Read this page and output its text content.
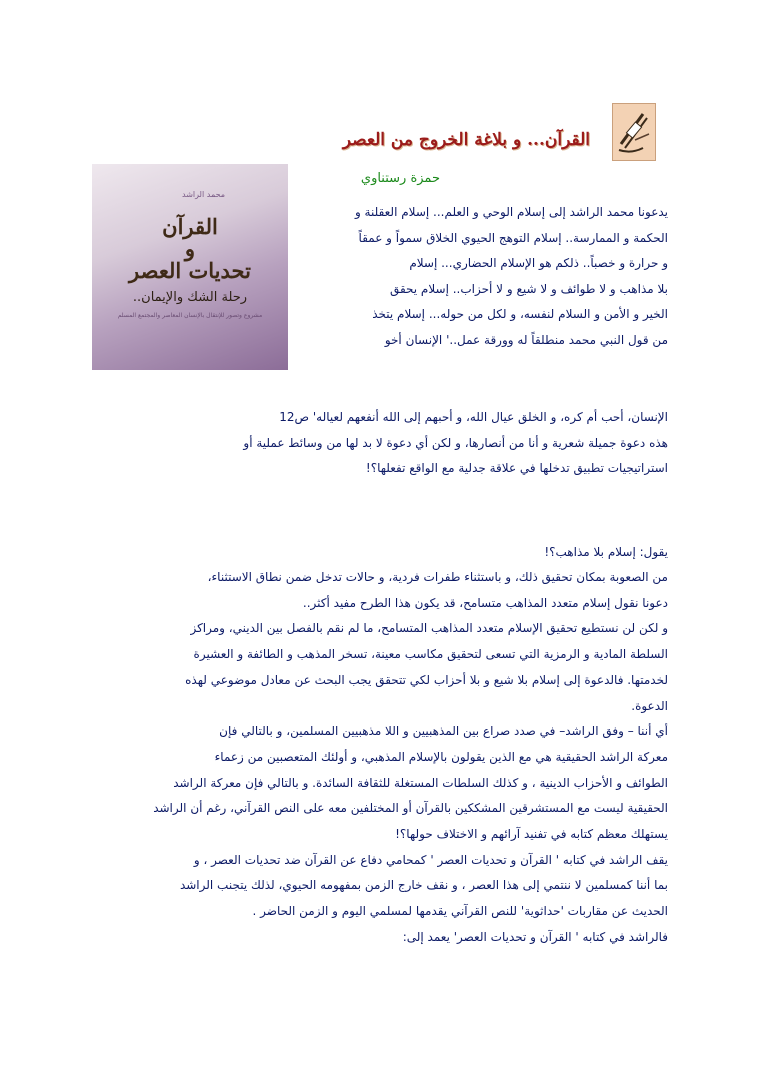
القرآن... و بلاغة الخروج من العصر
حمزة رستناوي
محمد الراشد
القرآن
و
تحديات العصر
رحلة الشك والإيمان..
مشروع وتصور للإنتقال بالإنسان المعاصر والمجتمع المسلم
يدعونا محمد الراشد إلى إسلام الوحي و العلم... إسلام العقلنة و
الحكمة و الممارسة.. إسلام التوهج الحيوي الخلاق سمواً و عمقاً
و حرارة و خصباً.. ذلكم هو الإسلام الحضاري... إسلام
بلا مذاهب و لا طوائف و لا شيع و لا أحزاب.. إسلام يحقق
الخير و الأمن و السلام لنفسه، و لكل من حوله... إسلام يتخذ
من قول النبي محمد منطلقاً له وورقة عمل..' الإنسان أخو
الإنسان، أحب أم كره، و الخلق عيال الله، و أحبهم إلى الله أنفعهم لعياله' ص12
هذه دعوة جميلة شعرية و أنا من أنصارها، و لكن أي دعوة لا بد لها من وسائط عملية أو
استراتيجيات تطبيق تدخلها في علاقة جدلية مع الواقع تفعلها؟!
يقول: إسلام بلا مذاهب؟!
من الصعوبة بمكان تحقيق ذلك، و باستثناء طفرات فردية، و حالات تدخل ضمن نطاق الاستثناء،
دعونا نقول إسلام متعدد المذاهب متسامح، قد يكون هذا الطرح مفيد أكثر..
و لكن لن نستطيع تحقيق الإسلام متعدد المذاهب المتسامح، ما لم نقم بالفصل بين الديني، ومراكز
السلطة المادية و الرمزية التي تسعى لتحقيق مكاسب معينة، تسخر المذهب و الطائفة و العشيرة
لخدمتها. فالدعوة إلى إسلام بلا شيع و بلا أحزاب لكي تتحقق يجب البحث عن معادل موضوعي لهذه
الدعوة.
أي أننا – وفق الراشد– في صدد صراع بين المذهبيين و اللا مذهبيين المسلمين، و بالتالي فإن
معركة الراشد الحقيقية هي مع الذين يقولون بالإسلام المذهبي، و أولئك المتعصبين من زعماء
الطوائف و الأحزاب الدينية ، و كذلك السلطات المستغلة للثقافة السائدة. و بالتالي فإن معركة الراشد
الحقيقية ليست مع المستشرقين المشككين بالقرآن أو المختلفين معه على النص القرآني، رغم أن الراشد
يستهلك معظم كتابه في تفنيد آرائهم و الاختلاف حولها؟!
يقف الراشد في كتابه ' القرآن و تحديات العصر ' كمحامي دفاع عن القرآن ضد تحديات العصر ، و
بما أننا كمسلمين لا ننتمي إلى هذا العصر ، و نقف خارج الزمن بمفهومه الحيوي، لذلك يتجنب الراشد
الحديث عن مقاربات 'حداثوية' للنص القرآني يقدمها لمسلمي اليوم و الزمن الحاضر .
فالراشد في كتابه ' القرآن و تحديات العصر' يعمد إلى:
